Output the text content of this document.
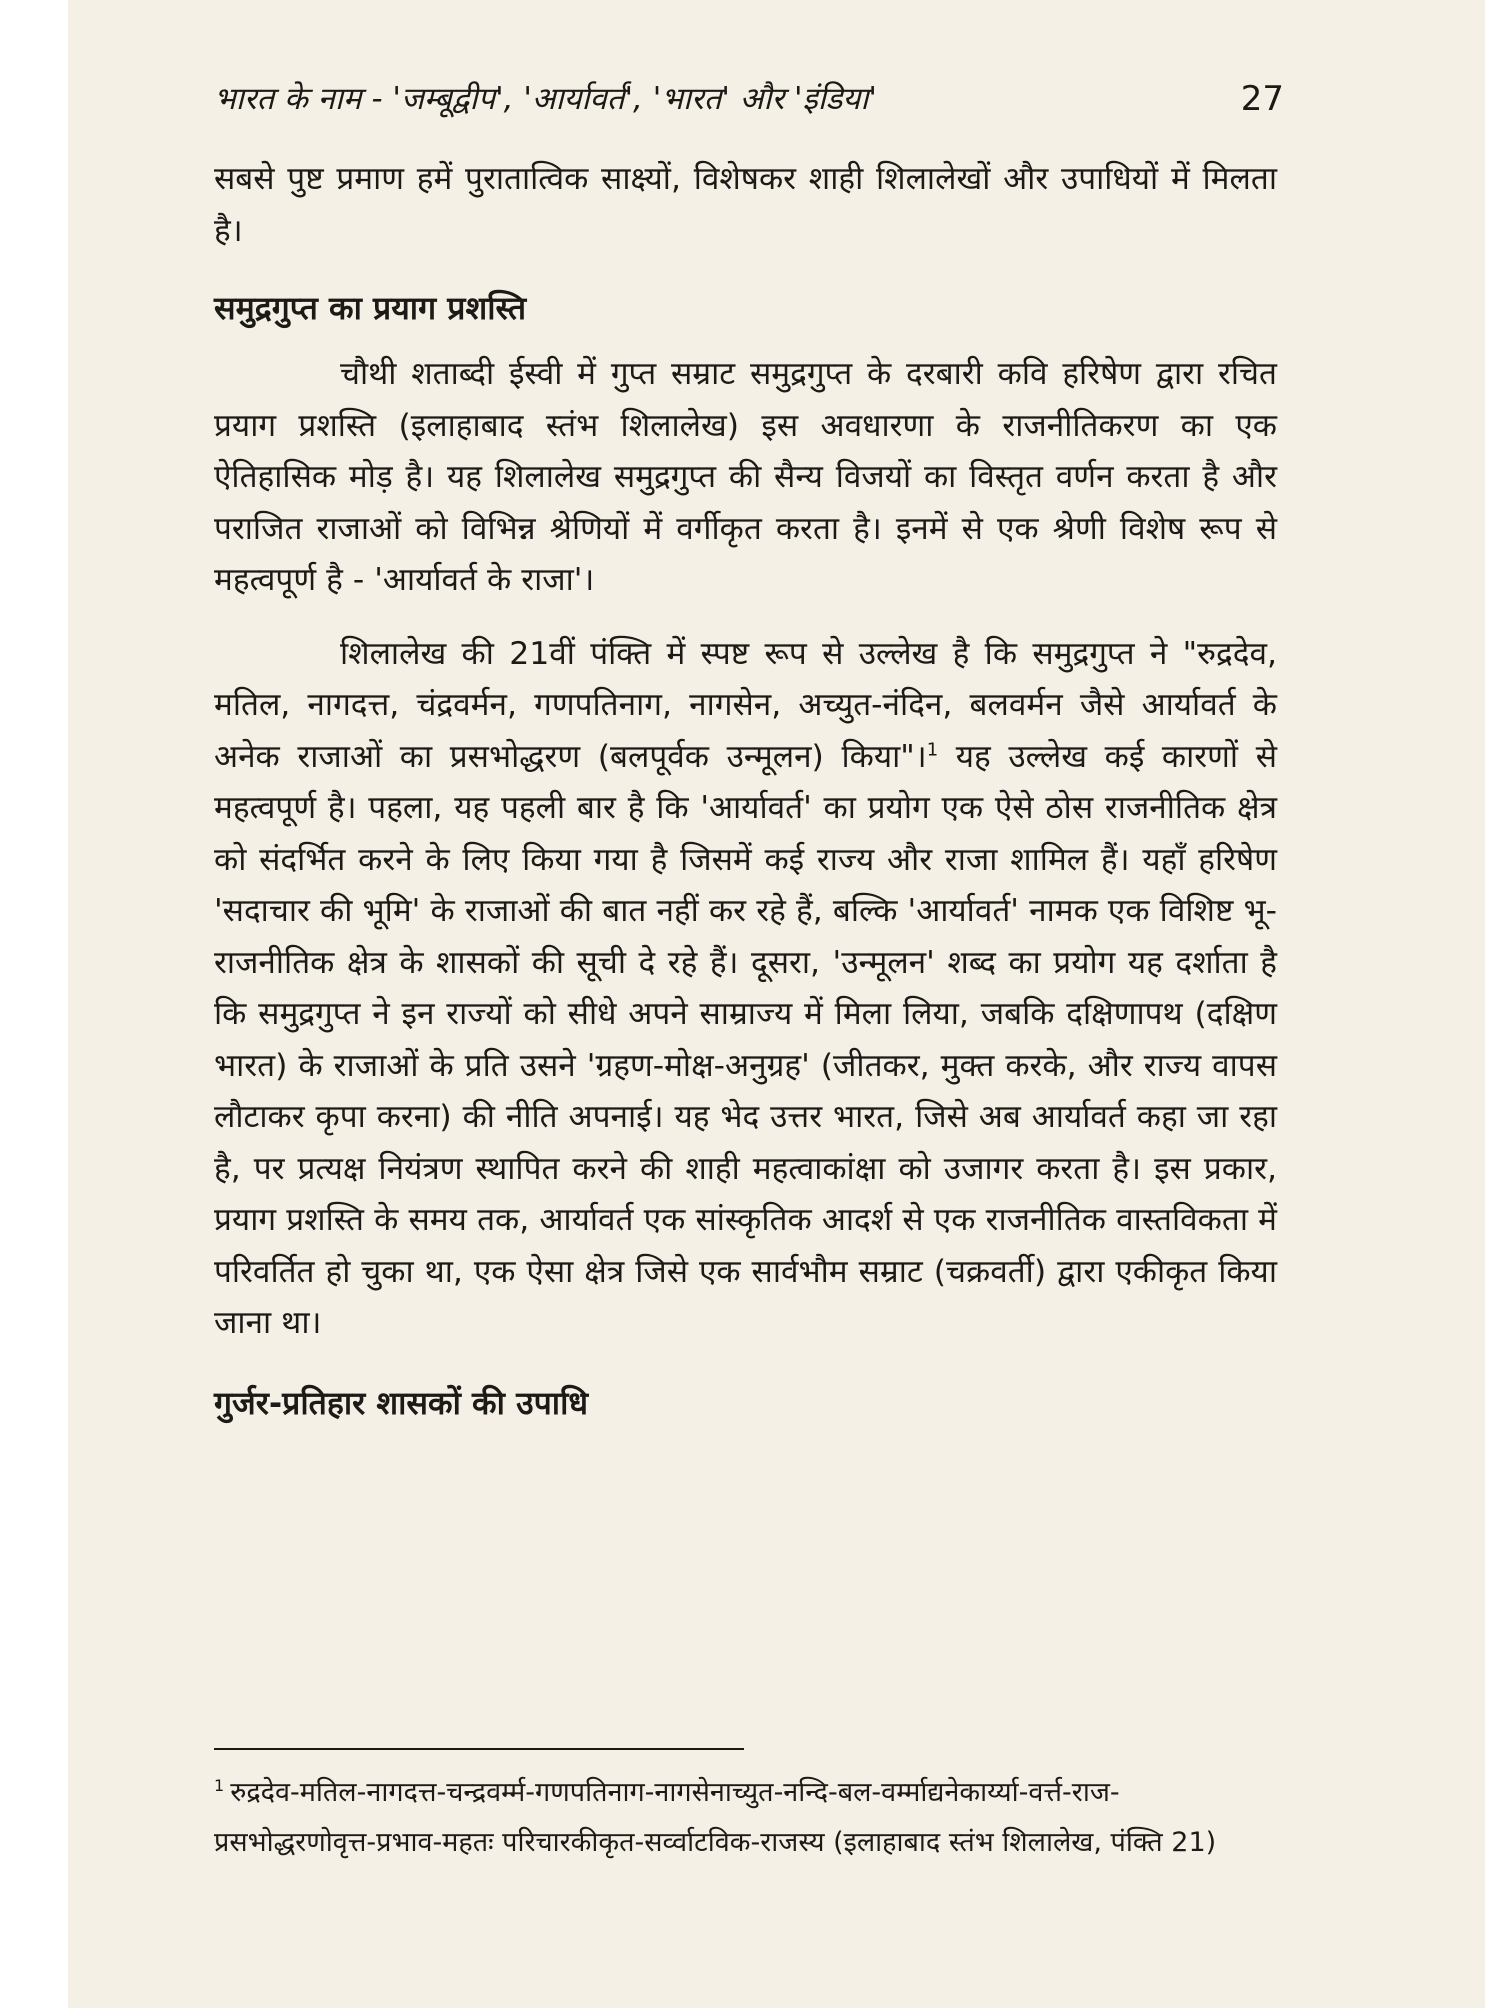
भारत के नाम - 'जम्बूद्वीप', 'आर्यावर्त', 'भारत' और 'इंडिया'	27

सबसे पुष्ट प्रमाण हमें पुरातात्विक साक्ष्यों, विशेषकर शाही शिलालेखों और उपाधियों में मिलता है।

समुद्रगुप्त का प्रयाग प्रशस्ति

चौथी शताब्दी ईस्वी में गुप्त सम्राट समुद्रगुप्त के दरबारी कवि हरिषेण द्वारा रचित प्रयाग प्रशस्ति (इलाहाबाद स्तंभ शिलालेख) इस अवधारणा के राजनीतिकरण का एक ऐतिहासिक मोड़ है। यह शिलालेख समुद्रगुप्त की सैन्य विजयों का विस्तृत वर्णन करता है और पराजित राजाओं को विभिन्न श्रेणियों में वर्गीकृत करता है। इनमें से एक श्रेणी विशेष रूप से महत्वपूर्ण है - 'आर्यावर्त के राजा'।

शिलालेख की 21वीं पंक्ति में स्पष्ट रूप से उल्लेख है कि समुद्रगुप्त ने "रुद्रदेव, मतिल, नागदत्त, चंद्रवर्मन, गणपतिनाग, नागसेन, अच्युत-नंदिन, बलवर्मन जैसे आर्यावर्त के अनेक राजाओं का प्रसभोद्धरण (बलपूर्वक उन्मूलन) किया"।$^1$ यह उल्लेख कई कारणों से महत्वपूर्ण है। पहला, यह पहली बार है कि 'आर्यावर्त' का प्रयोग एक ऐसे ठोस राजनीतिक क्षेत्र को संदर्भित करने के लिए किया गया है जिसमें कई राज्य और राजा शामिल हैं। यहाँ हरिषेण 'सदाचार की भूमि' के राजाओं की बात नहीं कर रहे हैं, बल्कि 'आर्यावर्त' नामक एक विशिष्ट भू-राजनीतिक क्षेत्र के शासकों की सूची दे रहे हैं। दूसरा, 'उन्मूलन' शब्द का प्रयोग यह दर्शाता है कि समुद्रगुप्त ने इन राज्यों को सीधे अपने साम्राज्य में मिला लिया, जबकि दक्षिणापथ (दक्षिण भारत) के राजाओं के प्रति उसने 'ग्रहण-मोक्ष-अनुग्रह' (जीतकर, मुक्त करके, और राज्य वापस लौटाकर कृपा करना) की नीति अपनाई। यह भेद उत्तर भारत, जिसे अब आर्यावर्त कहा जा रहा है, पर प्रत्यक्ष नियंत्रण स्थापित करने की शाही महत्वाकांक्षा को उजागर करता है। इस प्रकार, प्रयाग प्रशस्ति के समय तक, आर्यावर्त एक सांस्कृतिक आदर्श से एक राजनीतिक वास्तविकता में परिवर्तित हो चुका था, एक ऐसा क्षेत्र जिसे एक सार्वभौम सम्राट (चक्रवर्ती) द्वारा एकीकृत किया जाना था।

गुर्जर-प्रतिहार शासकों की उपाधि

$^1$ रुद्रदेव-मतिल-नागदत्त-चन्द्रवर्म्म-गणपतिनाग-नागसेनाच्युत-नन्दि-बल-वर्म्माद्यनेकार्य्या-वर्त्त-राज-प्रसभोद्धरणोवृत्त-प्रभाव-महतः परिचारकीकृत-सर्व्वाटविक-राजस्य (इलाहाबाद स्तंभ शिलालेख, पंक्ति 21)
